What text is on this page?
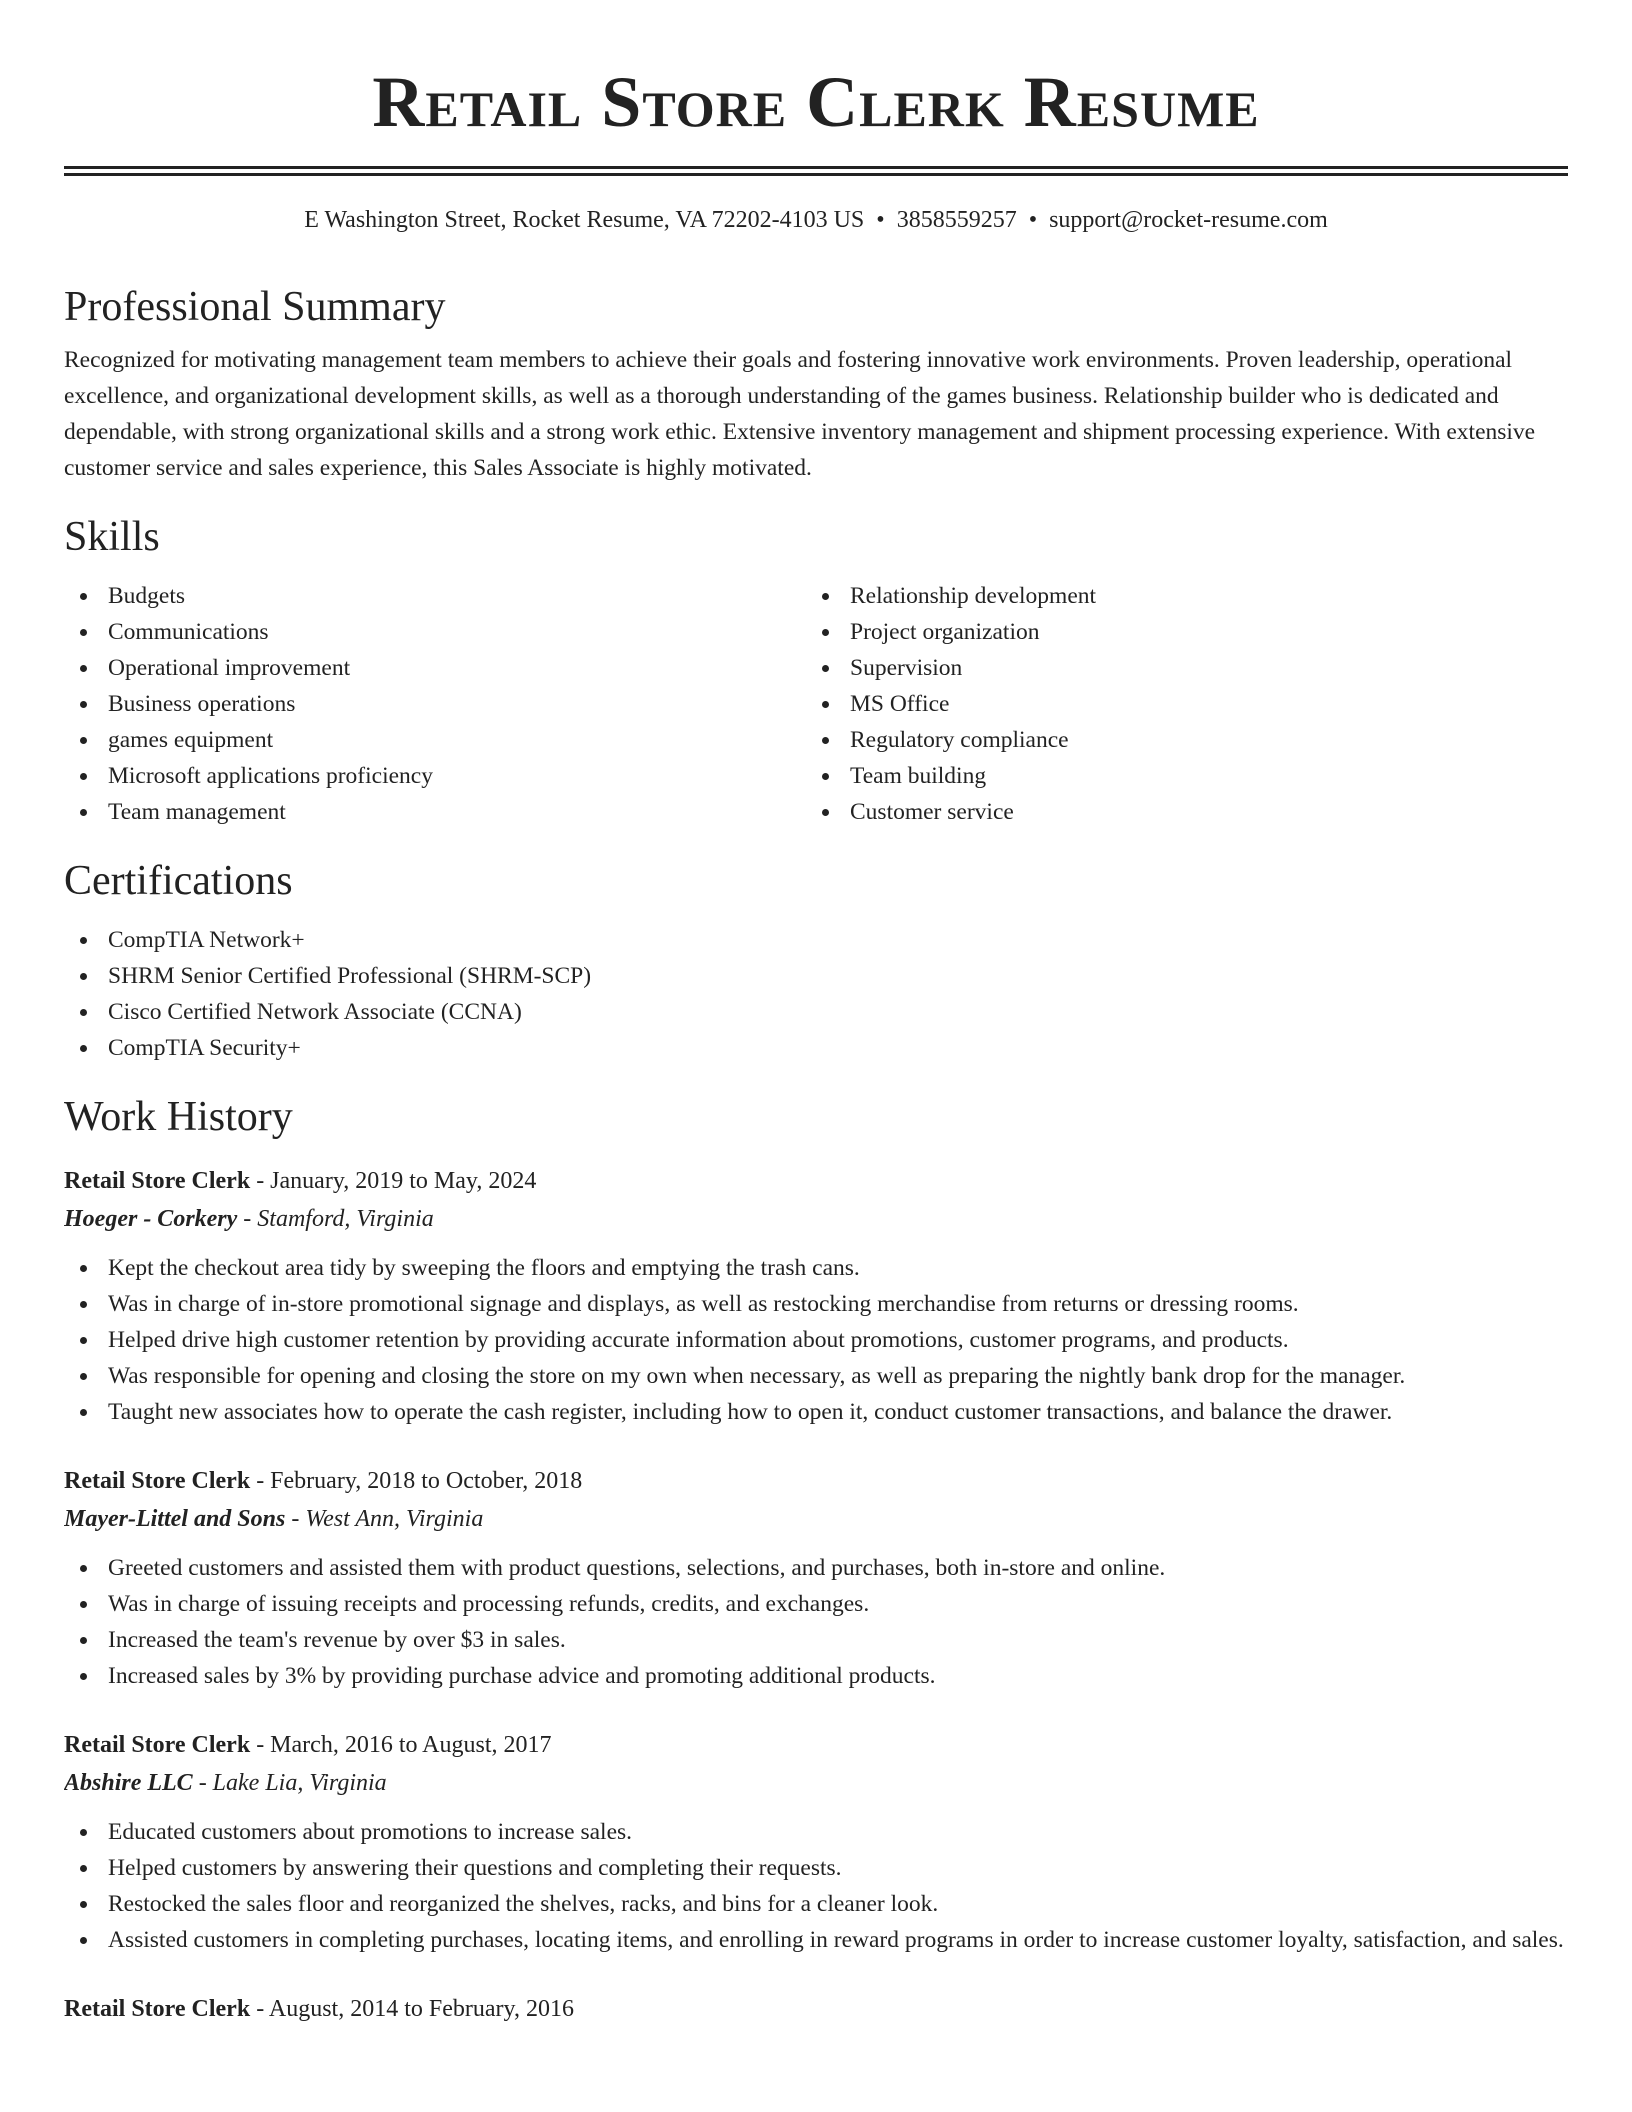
Retail Store Clerk Resume
E Washington Street, Rocket Resume, VA 72202-4103 US • 3858559257 • support@rocket-resume.com
Professional Summary

Recognized for motivating management team members to achieve their goals and fostering innovative work environments. Proven leadership, operational excellence, and organizational development skills, as well as a thorough understanding of the games business. Relationship builder who is dedicated and dependable, with strong organizational skills and a strong work ethic. Extensive inventory management and shipment processing experience. With extensive customer service and sales experience, this Sales Associate is highly motivated.

Skills
Budgets
Communications
Operational improvement
Business operations
games equipment
Microsoft applications proficiency
Team management
Relationship development
Project organization
Supervision
MS Office
Regulatory compliance
Team building
Customer service
Certifications
CompTIA Network+
SHRM Senior Certified Professional (SHRM-SCP)
Cisco Certified Network Associate (CCNA)
CompTIA Security+
Work History
Retail Store Clerk - January, 2019 to May, 2024
Hoeger - Corkery - Stamford, Virginia
Kept the checkout area tidy by sweeping the floors and emptying the trash cans.
Was in charge of in-store promotional signage and displays, as well as restocking merchandise from returns or dressing rooms.
Helped drive high customer retention by providing accurate information about promotions, customer programs, and products.
Was responsible for opening and closing the store on my own when necessary, as well as preparing the nightly bank drop for the manager.
Taught new associates how to operate the cash register, including how to open it, conduct customer transactions, and balance the drawer.
Retail Store Clerk - February, 2018 to October, 2018
Mayer-Littel and Sons - West Ann, Virginia
Greeted customers and assisted them with product questions, selections, and purchases, both in-store and online.
Was in charge of issuing receipts and processing refunds, credits, and exchanges.
Increased the team's revenue by over $3 in sales.
Increased sales by 3% by providing purchase advice and promoting additional products.
Retail Store Clerk - March, 2016 to August, 2017
Abshire LLC - Lake Lia, Virginia
Educated customers about promotions to increase sales.
Helped customers by answering their questions and completing their requests.
Restocked the sales floor and reorganized the shelves, racks, and bins for a cleaner look.
Assisted customers in completing purchases, locating items, and enrolling in reward programs in order to increase customer loyalty, satisfaction, and sales.
Retail Store Clerk - August, 2014 to February, 2016
